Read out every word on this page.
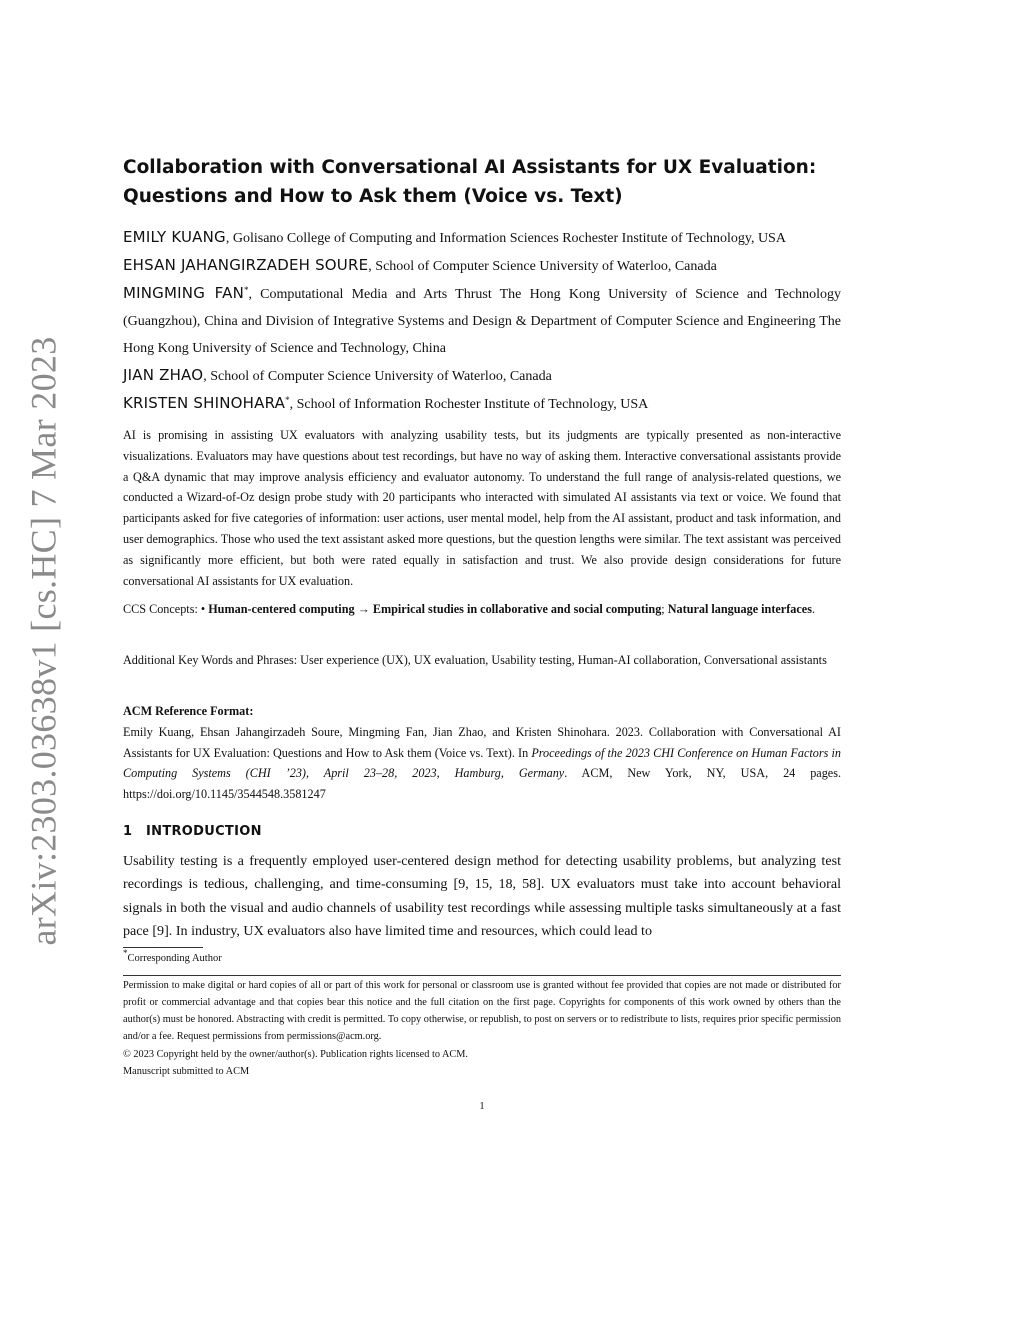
arXiv:2303.03638v1 [cs.HC] 7 Mar 2023
Collaboration with Conversational AI Assistants for UX Evaluation: Questions and How to Ask them (Voice vs. Text)
EMILY KUANG, Golisano College of Computing and Information Sciences Rochester Institute of Technology, USA
EHSAN JAHANGIRZADEH SOURE, School of Computer Science University of Waterloo, Canada
MINGMING FAN*, Computational Media and Arts Thrust The Hong Kong University of Science and Technology (Guangzhou), China and Division of Integrative Systems and Design & Department of Computer Science and Engineering The Hong Kong University of Science and Technology, China
JIAN ZHAO, School of Computer Science University of Waterloo, Canada
KRISTEN SHINOHARA*, School of Information Rochester Institute of Technology, USA

AI is promising in assisting UX evaluators with analyzing usability tests, but its judgments are typically presented as non-interactive visualizations. Evaluators may have questions about test recordings, but have no way of asking them. Interactive conversational assistants provide a Q&A dynamic that may improve analysis efficiency and evaluator autonomy. To understand the full range of analysis-related questions, we conducted a Wizard-of-Oz design probe study with 20 participants who interacted with simulated AI assistants via text or voice. We found that participants asked for five categories of information: user actions, user mental model, help from the AI assistant, product and task information, and user demographics. Those who used the text assistant asked more questions, but the question lengths were similar. The text assistant was perceived as significantly more efficient, but both were rated equally in satisfaction and trust. We also provide design considerations for future conversational AI assistants for UX evaluation.

CCS Concepts: • Human-centered computing → Empirical studies in collaborative and social computing; Natural language interfaces.

Additional Key Words and Phrases: User experience (UX), UX evaluation, Usability testing, Human-AI collaboration, Conversational assistants

ACM Reference Format:
Emily Kuang, Ehsan Jahangirzadeh Soure, Mingming Fan, Jian Zhao, and Kristen Shinohara. 2023. Collaboration with Conversational AI Assistants for UX Evaluation: Questions and How to Ask them (Voice vs. Text). In Proceedings of the 2023 CHI Conference on Human Factors in Computing Systems (CHI ’23), April 23–28, 2023, Hamburg, Germany. ACM, New York, NY, USA, 24 pages. https://doi.org/10.1145/3544548.3581247

1 INTRODUCTION

Usability testing is a frequently employed user-centered design method for detecting usability problems, but analyzing test recordings is tedious, challenging, and time-consuming [9, 15, 18, 58]. UX evaluators must take into account behavioral signals in both the visual and audio channels of usability test recordings while assessing multiple tasks simultaneously at a fast pace [9]. In industry, UX evaluators also have limited time and resources, which could lead to

*Corresponding Author

Permission to make digital or hard copies of all or part of this work for personal or classroom use is granted without fee provided that copies are not made or distributed for profit or commercial advantage and that copies bear this notice and the full citation on the first page. Copyrights for components of this work owned by others than the author(s) must be honored. Abstracting with credit is permitted. To copy otherwise, or republish, to post on servers or to redistribute to lists, requires prior specific permission and/or a fee. Request permissions from permissions@acm.org.

© 2023 Copyright held by the owner/author(s). Publication rights licensed to ACM.

Manuscript submitted to ACM

1
